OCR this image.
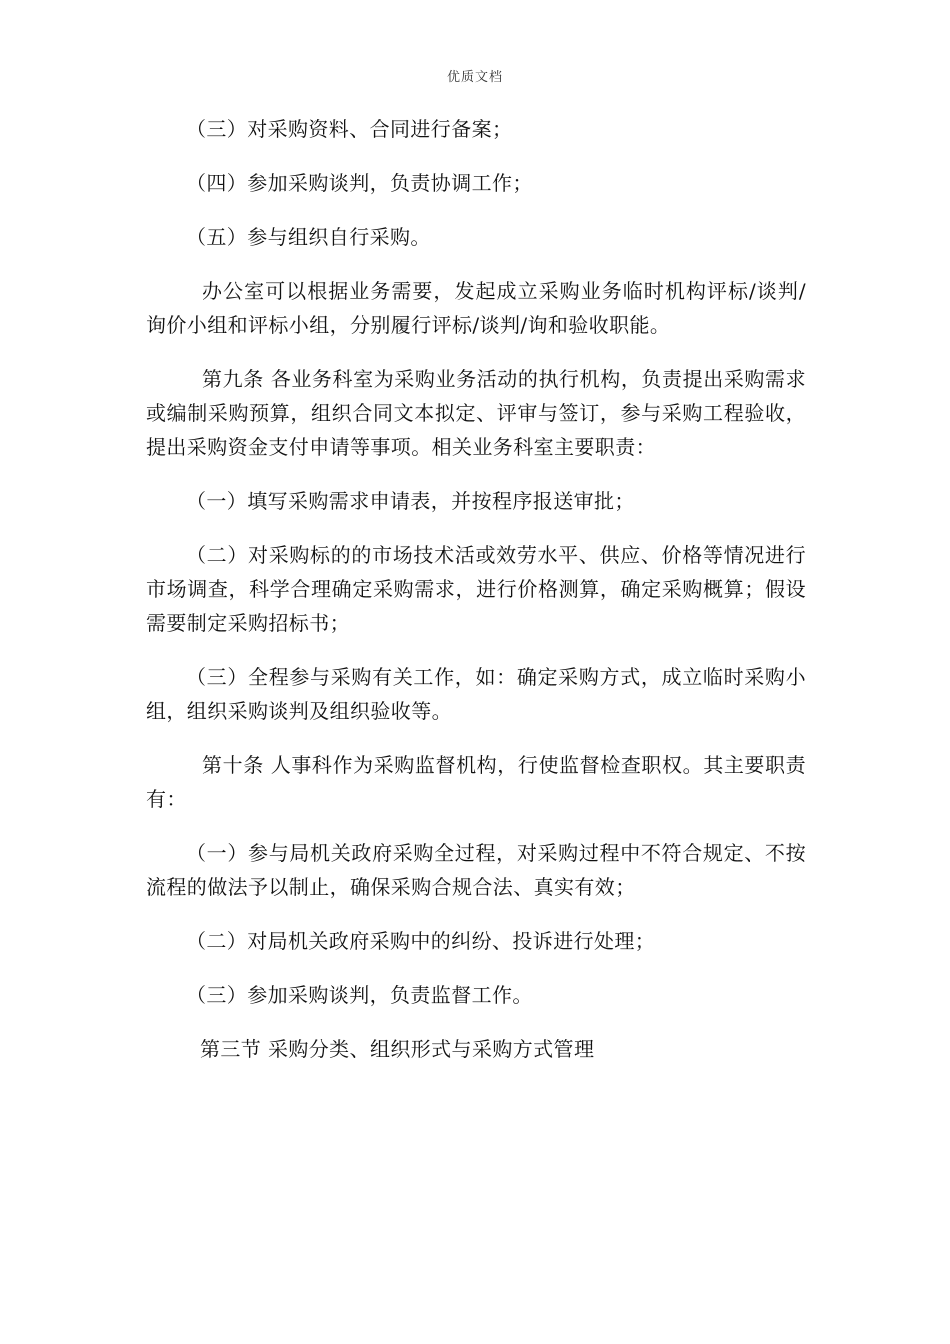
优质文档

（三）对采购资料、合同进行备案；

（四）参加采购谈判，负责协调工作；

（五）参与组织自行采购。

办公室可以根据业务需要，发起成立采购业务临时机构评标/谈判/询价小组和评标小组，分别履行评标/谈判/询和验收职能。

第九条 各业务科室为采购业务活动的执行机构，负责提出采购需求或编制采购预算，组织合同文本拟定、评审与签订，参与采购工程验收，提出采购资金支付申请等事项。相关业务科室主要职责：

（一）填写采购需求申请表，并按程序报送审批；

（二）对采购标的的市场技术活或效劳水平、供应、价格等情况进行市场调查，科学合理确定采购需求，进行价格测算，确定采购概算；假设需要制定采购招标书；

（三）全程参与采购有关工作，如：确定采购方式，成立临时采购小组，组织采购谈判及组织验收等。

第十条 人事科作为采购监督机构，行使监督检查职权。其主要职责有：

（一）参与局机关政府采购全过程，对采购过程中不符合规定、不按流程的做法予以制止，确保采购合规合法、真实有效；

（二）对局机关政府采购中的纠纷、投诉进行处理；

（三）参加采购谈判，负责监督工作。

第三节 采购分类、组织形式与采购方式管理
